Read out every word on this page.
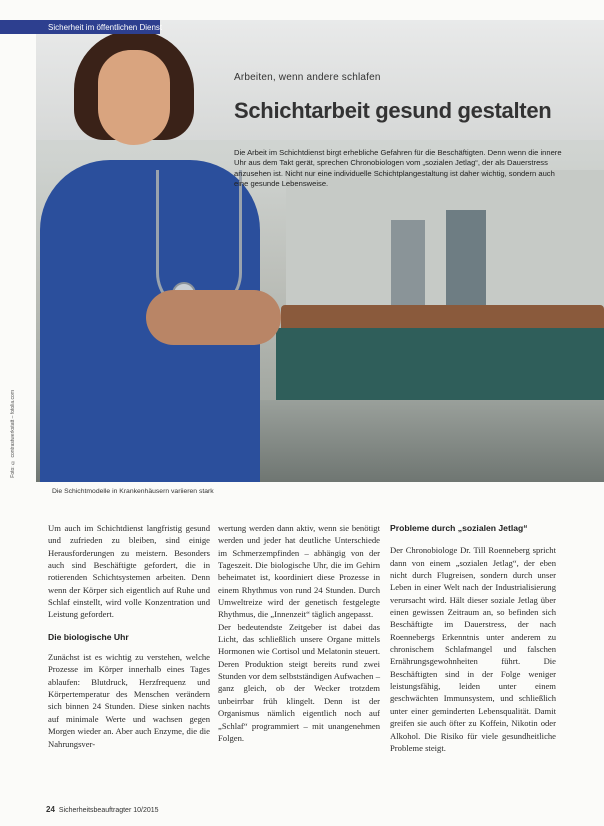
Foto: © contrastwerkstatt – fotolia.com
Sicherheit im öffentlichen Dienst
Arbeiten, wenn andere schlafen
Schichtarbeit gesund gestalten
Die Arbeit im Schichtdienst birgt erhebliche Gefahren für die Beschäftigten. Denn wenn die innere Uhr aus dem Takt gerät, sprechen Chronobiologen vom „sozialen Jetlag“, der als Dauerstress anzusehen ist. Nicht nur eine individuelle Schichtplangestaltung ist daher wichtig, sondern auch eine gesunde Lebensweise.
Die Schichtmodelle in Krankenhäusern variieren stark

Um auch im Schichtdienst langfristig gesund und zufrieden zu bleiben, sind einige Herausforderungen zu meistern. Besonders auch sind Beschäftigte gefordert, die in rotierenden Schichtsystemen arbeiten. Denn wenn der Körper sich eigentlich auf Ruhe und Schlaf einstellt, wird volle Konzentration und Leistung gefordert.

Die biologische Uhr

Zunächst ist es wichtig zu verstehen, welche Prozesse im Körper innerhalb eines Tages ablaufen: Blutdruck, Herzfrequenz und Körpertemperatur des Menschen verändern sich binnen 24 Stunden. Diese sinken nachts auf minimale Werte und wachsen gegen Morgen wieder an. Aber auch Enzyme, die die Nahrungsver-

wertung werden dann aktiv, wenn sie benötigt werden und jeder hat deutliche Unterschiede im Schmerzempfinden – abhängig von der Tageszeit. Die biologische Uhr, die im Gehirn beheimatet ist, koordiniert diese Prozesse in einem Rhythmus von rund 24 Stunden. Durch Umweltreize wird der genetisch festgelegte Rhythmus, die „Innenzeit“ täglich angepasst.

Der bedeutendste Zeitgeber ist dabei das Licht, das schließlich unsere Organe mittels Hormonen wie Cortisol und Melatonin steuert. Deren Produktion steigt bereits rund zwei Stunden vor dem selbstständigen Aufwachen – ganz gleich, ob der Wecker trotzdem unbeirrbar früh klingelt. Denn ist der Organismus nämlich eigentlich noch auf „Schlaf“ programmiert – mit unangenehmen Folgen.

Probleme durch „sozialen Jetlag“

Der Chronobiologe Dr. Till Roenneberg spricht dann von einem „sozialen Jetlag“, der eben nicht durch Flugreisen, sondern durch unser Leben in einer Welt nach der Industrialisierung verursacht wird. Hält dieser soziale Jetlag über einen gewissen Zeitraum an, so befinden sich Beschäftigte im Dauerstress, der nach Roennebergs Erkenntnis unter anderem zu chronischem Schlafmangel und falschen Ernährungsgewohnheiten führt. Die Beschäftigten sind in der Folge weniger leistungsfähig, leiden unter einem geschwächten Immunsystem, und schließlich unter einer geminderten Lebensqualität. Damit greifen sie auch öfter zu Koffein, Nikotin oder Alkohol. Die Risiko für viele gesundheitliche Probleme steigt.

24 Sicherheitsbeauftragter 10/2015
